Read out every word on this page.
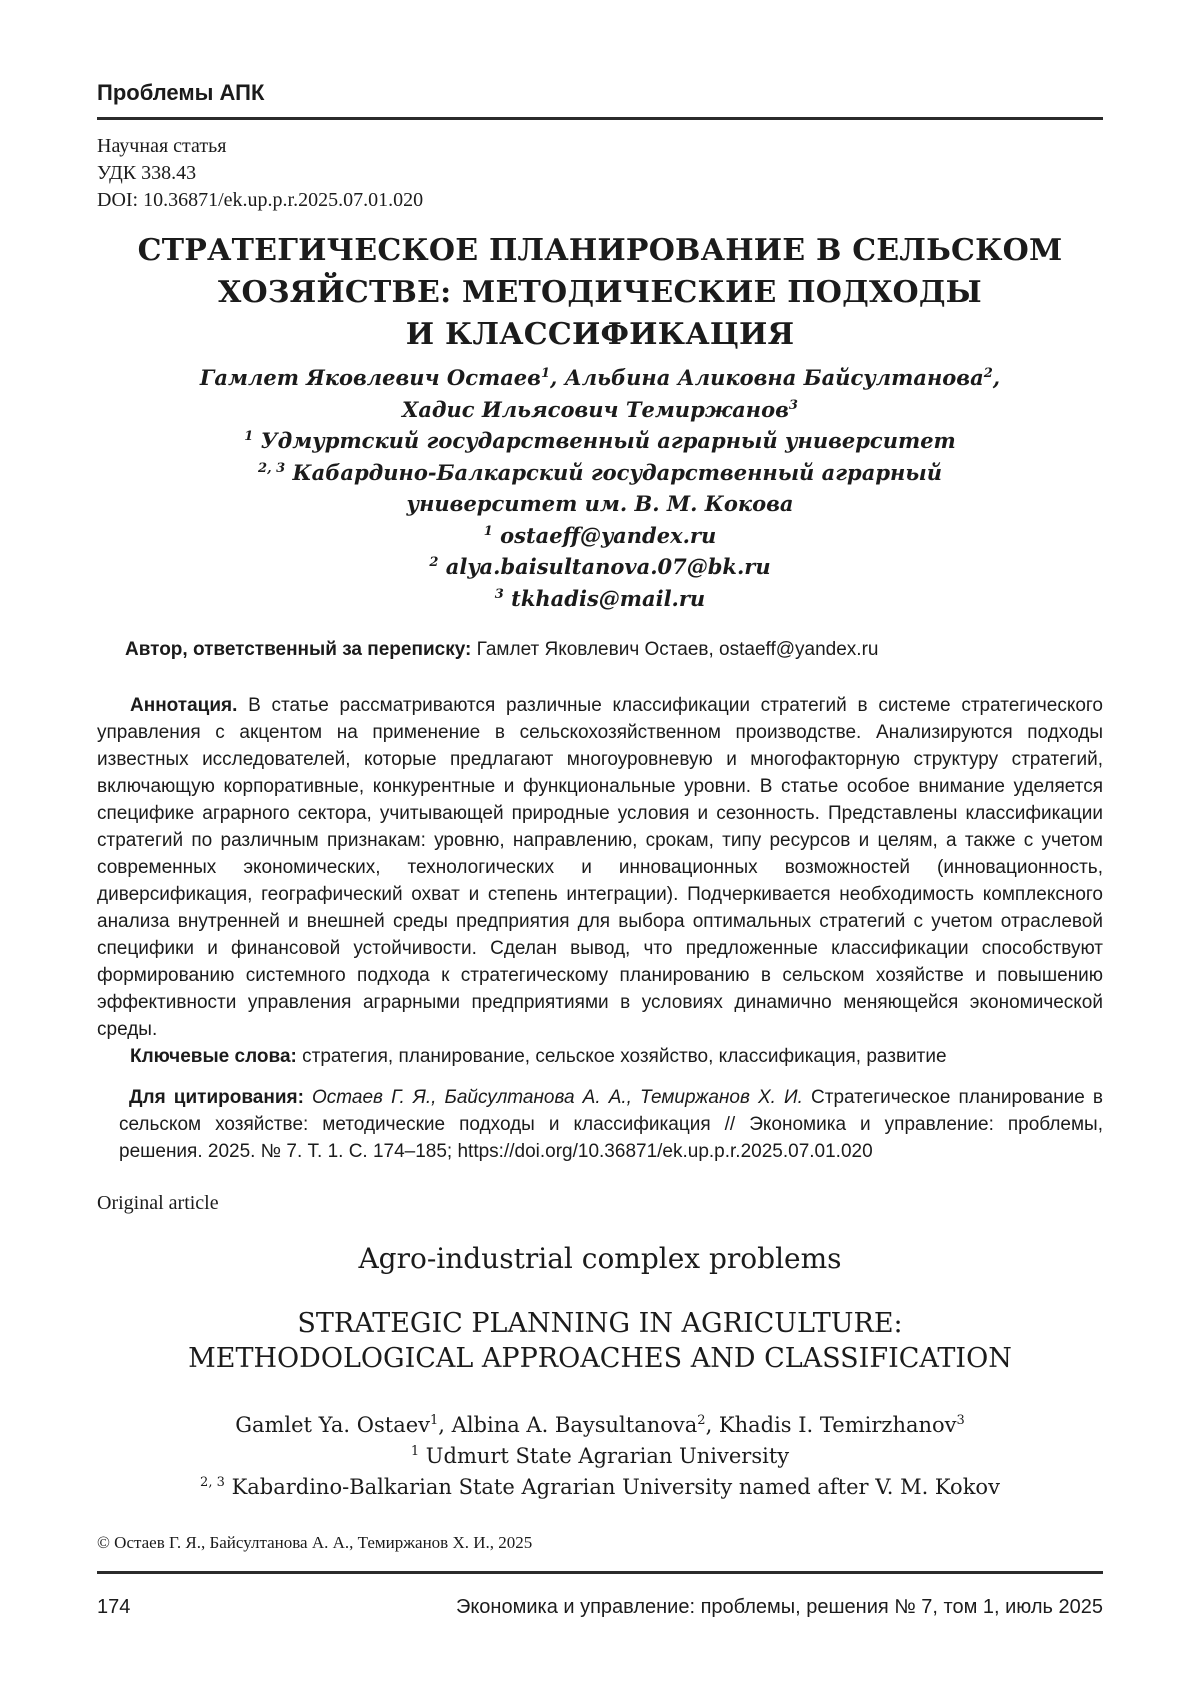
Проблемы АПК
Научная статья
УДК 338.43
DOI: 10.36871/ek.up.p.r.2025.07.01.020
СТРАТЕГИЧЕСКОЕ ПЛАНИРОВАНИЕ В СЕЛЬСКОМ
ХОЗЯЙСТВЕ: МЕТОДИЧЕСКИЕ ПОДХОДЫ
И КЛАССИФИКАЦИЯ
Гамлет Яковлевич Остаев$^1$, Альбина Аликовна Байсултанова$^2$,
Хадис Ильясович Темиржанов$^3$
$^1$ Удмуртский государственный аграрный университет
$^{2, 3}$ Кабардино-Балкарский государственный аграрный
университет им. В. М. Кокова
$^1$ ostaeff@yandex.ru
$^2$ alya.baisultanova.07@bk.ru
$^3$ tkhadis@mail.ru
Автор, ответственный за переписку: Гамлет Яковлевич Остаев, ostaeff@yandex.ru

Аннотация. В статье рассматриваются различные классификации стратегий в системе стратегического управления с акцентом на применение в сельскохозяйственном производстве. Анализируются подходы известных исследователей, которые предлагают многоуровневую и многофакторную структуру стратегий, включающую корпоративные, конкурентные и функциональные уровни. В статье особое внимание уделяется специфике аграрного сектора, учитывающей природные условия и сезонность. Представлены классификации стратегий по различным признакам: уровню, направлению, срокам, типу ресурсов и целям, а также с учетом современных экономических, технологических и инновационных возможностей (инновационность, диверсификация, географический охват и степень интеграции). Подчеркивается необходимость комплексного анализа внутренней и внешней среды предприятия для выбора оптимальных стратегий с учетом отраслевой специфики и финансовой устойчивости. Сделан вывод, что предложенные классификации способствуют формированию системного подхода к стратегическому планированию в сельском хозяйстве и повышению эффективности управления аграрными предприятиями в условиях динамично меняющейся экономической среды.

Ключевые слова: стратегия, планирование, сельское хозяйство, классификация, развитие

Для цитирования: Остаев Г. Я., Байсултанова А. А., Темиржанов Х. И. Стратегическое планирование в сельском хозяйстве: методические подходы и классификация // Экономика и управление: проблемы, решения. 2025. № 7. Т. 1. С. 174–185; https://doi.org/10.36871/ek.up.p.r.2025.07.01.020

Original article
Agro-industrial complex problems
STRATEGIC PLANNING IN AGRICULTURE:
METHODOLOGICAL APPROACHES AND CLASSIFICATION
Gamlet Ya. Ostaev$^1$, Albina A. Baysultanova$^2$, Khadis I. Temirzhanov$^3$
$^1$ Udmurt State Agrarian University
$^{2, 3}$ Kabardino-Balkarian State Agrarian University named after V. M. Kokov
© Остаев Г. Я., Байсултанова А. А., Темиржанов Х. И., 2025
174	Экономика и управление: проблемы, решения № 7, том 1, июль 2025
